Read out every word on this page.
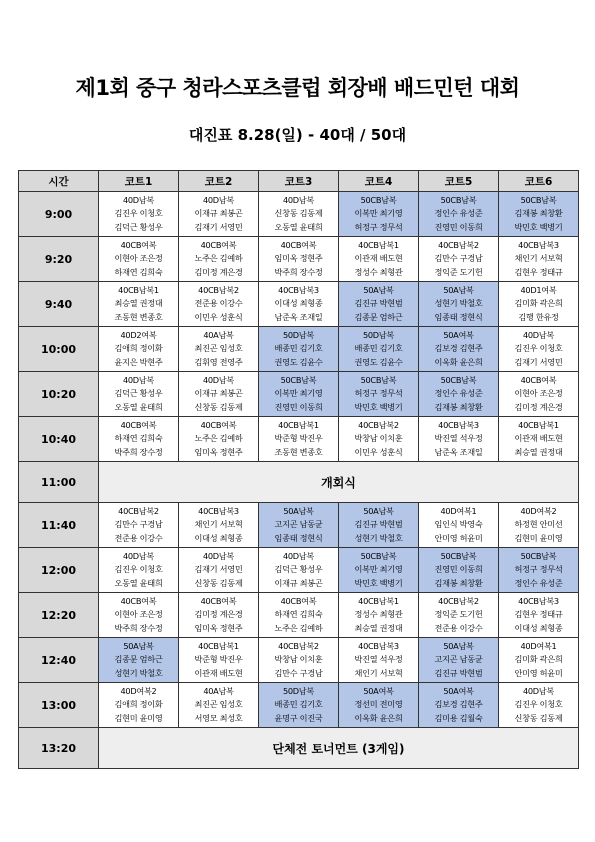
제1회 중구 청라스포츠클럽 회장배 배드민턴 대회
대진표 8.28(일) - 40대 / 50대
시간	코트1	코트2	코트3	코트4	코트5	코트6
9:00	40D남복
김진우 이청호
김덕근 황성우	40D남복
이재규 최봉곤
김재기 서영민	40D남복
신창동 김동제
오동열 윤태희	50CB남복
이복만 최기영
허정구 정무석	50CB남복
정인수 유성준
진영민 이동희	50CB남복
김재봉 최창환
박민호 백병기

9:20	40CB여복
이현아 조은정
하재연 김희숙	40CB여복
노주은 김예하
김미정 계은경	40CB여복
임미옥 정현주
박주희 장수정	40CB남복1
이관재 배도현
정성수 최형관	40CB남복2
김만수 구경남
정익준 도기헌	40CB남복3
채인기 서보혁
김현우 정태규

9:40	40CB남복1
최승열 권정대
조동현 변종호	40CB남복2
전준용 이강수
이민우 성훈식	40CB남복3
이대성 최형종
남준옥 조재일	50A남복
김진규 박현범
김종문 엄하근	50A남복
성현기 박철호
임종태 정현식	40D1여복
김미화 곽은희
김행 한유정

10:00	40D2여복
김애희 정이화
윤지은 박현주	40A남복
최진곤 임성호
김휘영 전영주	50D남복
배종민 김기호
권영도 김윤수	50D남복
배종민 김기호
권영도 김윤수	50A여복
김보경 김현주
이옥화 윤은희	40D남복
김진우 이청호
김재기 서영민

10:20	40D남복
김덕근 황성우
오동열 윤태희	40D남복
이재규 최봉곤
신창동 김동제	50CB남복
이복만 최기영
진영민 이동희	50CB남복
허정구 정무석
박민호 백병기	50CB남복
정인수 유성준
김재봉 최창환	40CB여복
이현아 조은정
김미정 계은경

10:40	40CB여복
하재연 김희숙
박주희 장수정	40CB여복
노주은 김예하
임미옥 정현주	40CB남복1
박준형 박진우
조동현 변종호	40CB남복2
박창남 이치훈
이민우 성훈식	40CB남복3
박진열 석우정
남준옥 조재일	40CB남복1
이관재 배도현
최승열 권정대

11:00	개회식					
11:40	40CB남복2
김만수 구경남
전준용 이강수	40CB남복3
채인기 서보혁
이대성 최형종	50A남복
고지곤 남동균
임종태 정현식	50A남복
김진규 박현범
성현기 박철호	40D여복1
임인식 박영숙
안미영 허윤미	40D여복2
하정현 안미선
김현미 윤미영

12:00	40D남복
김진우 이청호
오동열 윤태희	40D남복
김재기 서영민
신창동 김동제	40D남복
김덕근 황성우
이재규 최봉곤	50CB남복
이복만 최기영
박민호 백병기	50CB남복
진영민 이동희
김재봉 최창환	50CB남복
허정구 정무석
정인수 유성준

12:20	40CB여복
이현아 조은정
박주희 장수정	40CB여복
김미정 계은경
임미옥 정현주	40CB여복
하재연 김희숙
노주은 김예하	40CB남복1
정성수 최형관
최승열 권정대	40CB남복2
정익준 도기헌
전준용 이강수	40CB남복3
김현우 정태규
이대성 최형종

12:40	50A남복
김종문 엄하근
성현기 박철호	40CB남복1
박준형 박진우
이관재 배도현	40CB남복2
박창남 이치훈
김만수 구경남	40CB남복3
박진열 석우정
채인기 서보혁	50A남복
고지곤 남동균
김진규 박현범	40D여복1
김미화 곽은희
안미영 허윤미

13:00	40D여복2
김애희 정이화
김현미 윤미영	40A남복
최진곤 임성호
서영모 최성호	50D남복
배종민 김기호
윤명구 이진국	50A여복
정선미 전미영
이옥화 윤은희	50A여복
김보경 김현주
김미용 김월숙	40D남복
김진우 이청호
신창동 김동제

13:20	단체전 토너먼트 (3게임)					
